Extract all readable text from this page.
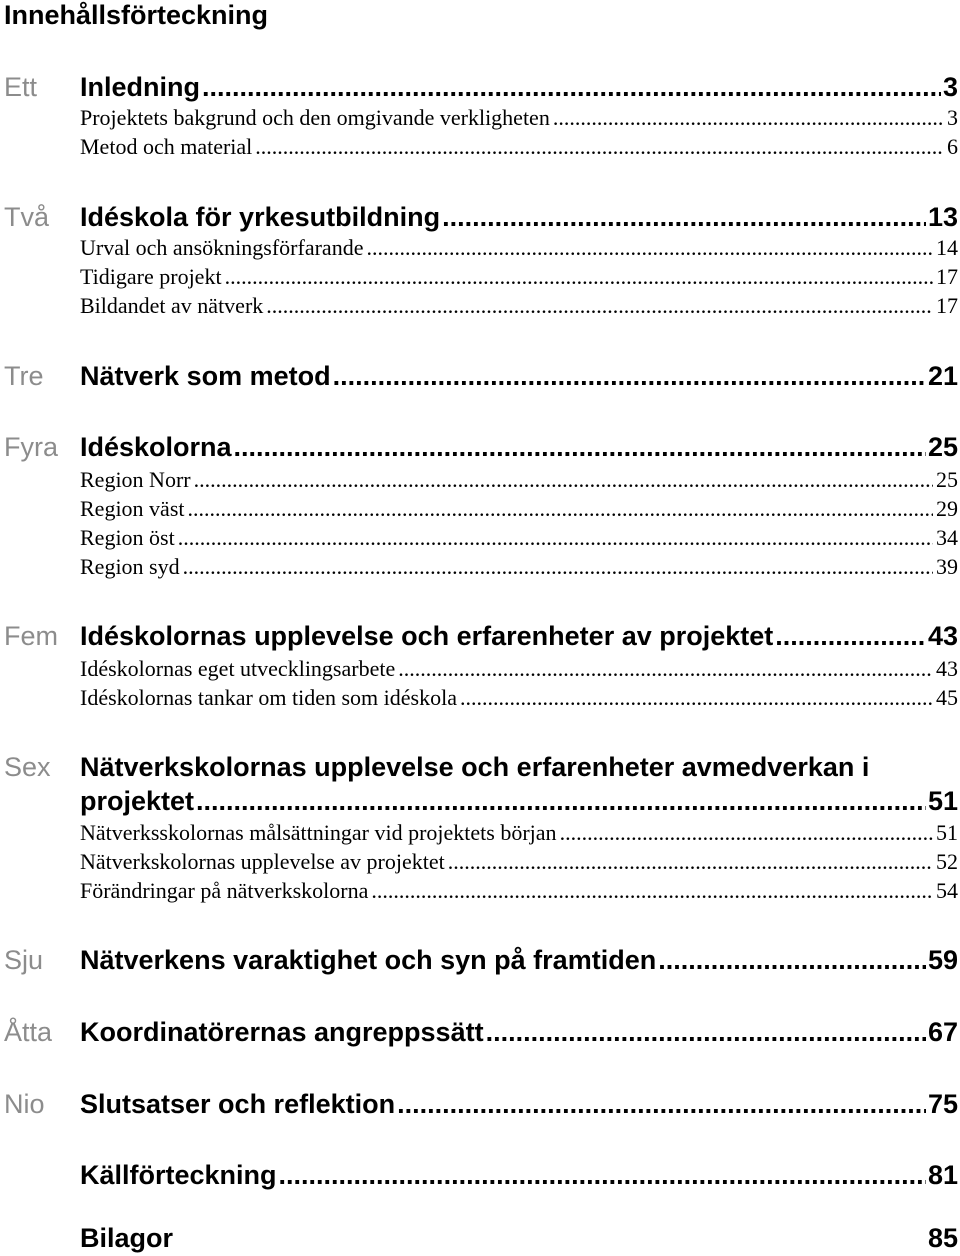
Innehållsförteckning
Ett Inledning .....	3
Projektets bakgrund och den omgivande verkligheten .....	3
Metod och material .....	6
Två Idéskola för yrkesutbildning .....	13
Urval och ansökningsförfarande .....	14
Tidigare projekt .....	17
Bildandet av nätverk .....	17
Tre Nätverk som metod .....	21
Fyra Idéskolorna .....	25
Region Norr .....	25
Region väst .....	29
Region öst .....	34
Region syd .....	39
Fem Idéskolornas upplevelse och erfarenheter av projektet .....	43
Idéskolornas eget utvecklingsarbete .....	43
Idéskolornas tankar om tiden som idéskola .....	45
Sex Nätverkskolornas upplevelse och erfarenheter avmedverkan i
projektet .....	51
Nätverksskolornas målsättningar vid projektets början .....	51
Nätverkskolornas upplevelse av projektet .....	52
Förändringar på nätverkskolorna .....	54
Sju Nätverkens varaktighet och syn på framtiden .....	59
Åtta Koordinatörernas angreppssätt .....	67
Nio Slutsatser och reflektion .....	75
Källförteckning .....	81
Bilagor	85
